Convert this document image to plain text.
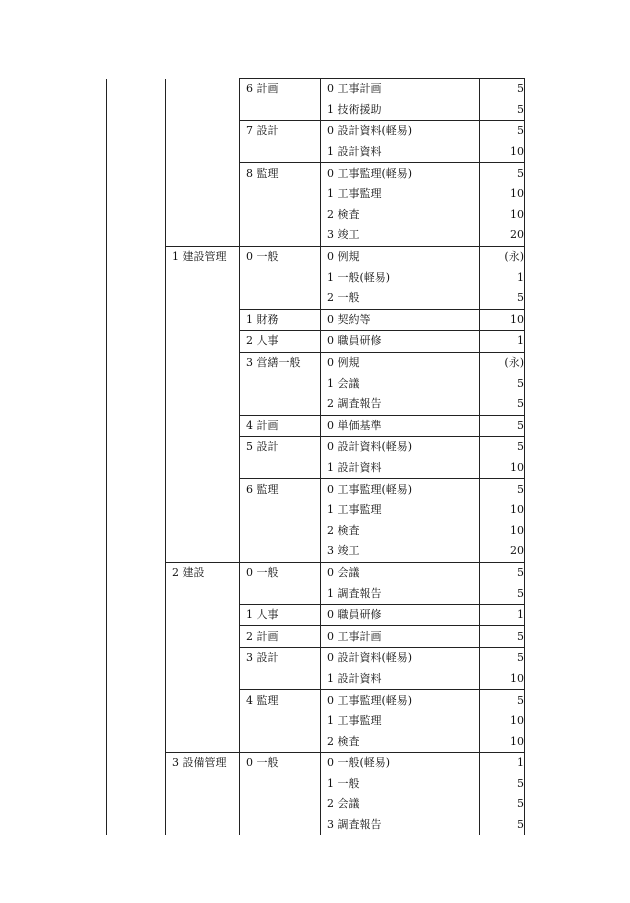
		6 計画	0 工事計画	5
			1 技術援助	5
		7 設計	0 設計資料(軽易)	5
			1 設計資料	10
		8 監理	0 工事監理(軽易)	5
			1 工事監理	10
			2 検査	10
			3 竣工	20
	1 建設管理	0 一般	0 例規	(永)
			1 一般(軽易)	1
			2 一般	5
		1 財務	0 契約等	10
		2 人事	0 職員研修	1
		3 営繕一般	0 例規	(永)
			1 会議	5
			2 調査報告	5
		4 計画	0 単価基準	5
		5 設計	0 設計資料(軽易)	5
			1 設計資料	10
		6 監理	0 工事監理(軽易)	5
			1 工事監理	10
			2 検査	10
			3 竣工	20
	2 建設	0 一般	0 会議	5
			1 調査報告	5
		1 人事	0 職員研修	1
		2 計画	0 工事計画	5
		3 設計	0 設計資料(軽易)	5
			1 設計資料	10
		4 監理	0 工事監理(軽易)	5
			1 工事監理	10
			2 検査	10
	3 設備管理	0 一般	0 一般(軽易)	1
			1 一般	5
			2 会議	5
			3 調査報告	5
